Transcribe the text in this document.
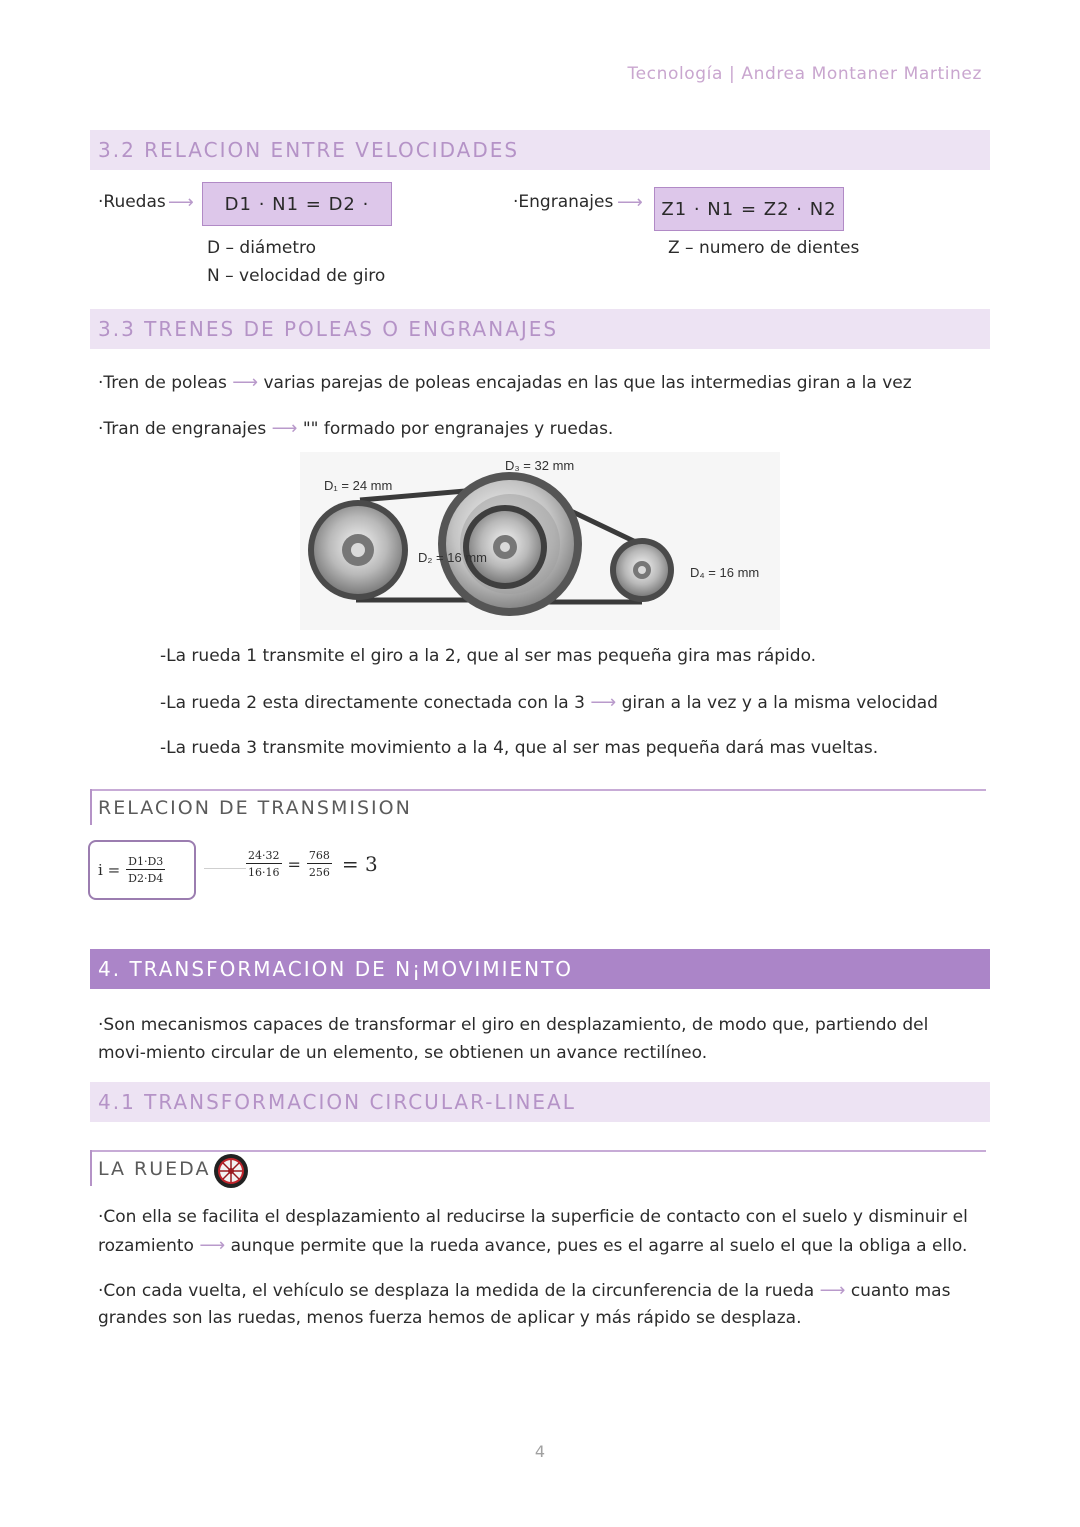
Tecnología | Andrea Montaner Martinez
3.2 RELACION ENTRE VELOCIDADES
·Ruedas ⟶ D1 · N1 = D2 ·
D – diámetro
N – velocidad de giro
·Engranajes ⟶ Z1 · N1 = Z2 · N2
Z – numero de dientes
3.3 TRENES DE POLEAS O ENGRANAJES
·Tren de poleas ⟶ varias parejas de poleas encajadas en las que las intermedias giran a la vez
·Tran de engranajes ⟶ "" formado por engranajes y ruedas.
D₁ = 24 mm
D₂ = 16 mm
D₃ = 32 mm
D₄ = 16 mm
-La rueda 1 transmite el giro a la 2, que al ser mas pequeña gira mas rápido.
-La rueda 2 esta directamente conectada con la 3 ⟶ giran a la vez y a la misma velocidad
-La rueda 3 transmite movimiento a la 4, que al ser mas pequeña dará mas vueltas.
RELACION DE TRANSMISION
$i = \frac{D1\cdot D3}{D2\cdot D4}$	$\frac{24\cdot 32}{16\cdot 16} = \frac{768}{256} = 3$
4. TRANSFORMACION DE N¡MOVIMIENTO
·Son mecanismos capaces de transformar el giro en desplazamiento, de modo que, partiendo del movi-miento circular de un elemento, se obtienen un avance rectilíneo.
4.1 TRANSFORMACION CIRCULAR-LINEAL
LA RUEDA
·Con ella se facilita el desplazamiento al reducirse la superficie de contacto con el suelo y disminuir el
rozamiento ⟶ aunque permite que la rueda avance, pues es el agarre al suelo el que la obliga a ello.
·Con cada vuelta, el vehículo se desplaza la medida de la circunferencia de la rueda ⟶ cuanto mas
grandes son las ruedas, menos fuerza hemos de aplicar y más rápido se desplaza.
4
